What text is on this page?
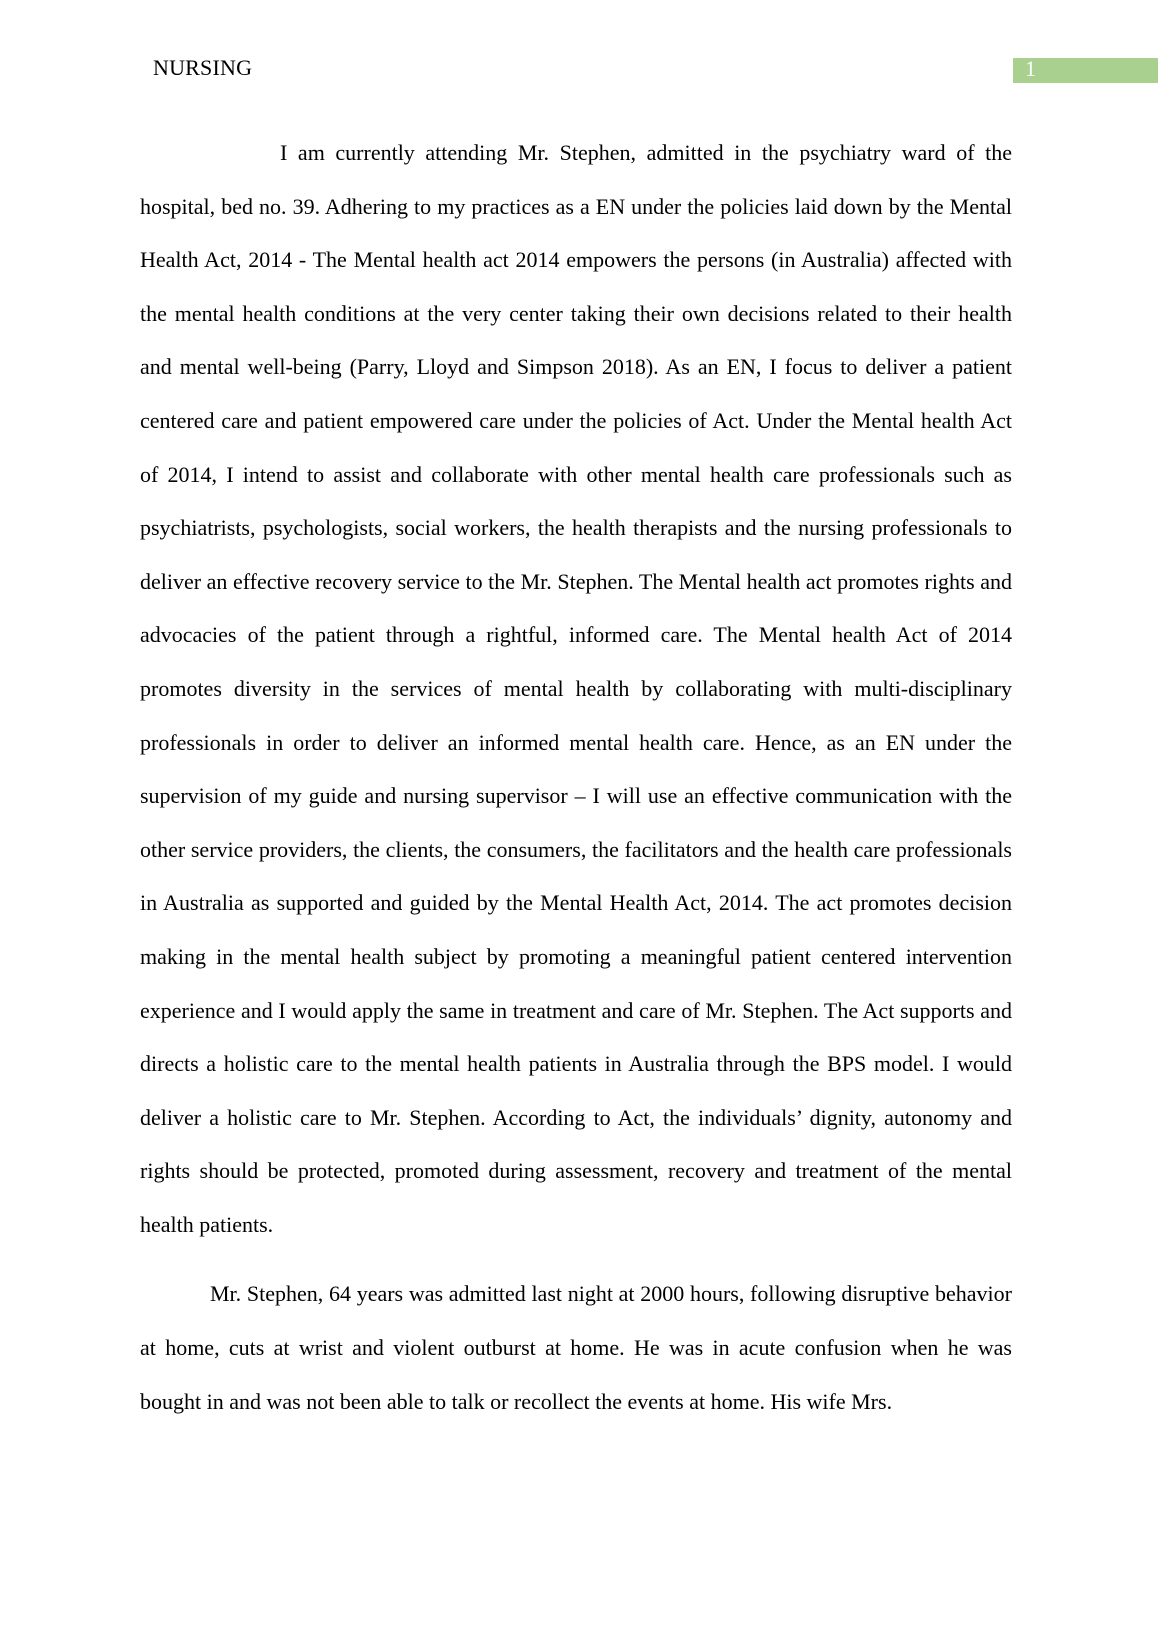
NURSING	1

I am currently attending Mr. Stephen, admitted in the psychiatry ward of the hospital, bed no. 39. Adhering to my practices as a EN under the policies laid down by the Mental Health Act, 2014 - The Mental health act 2014 empowers the persons (in Australia) affected with the mental health conditions at the very center taking their own decisions related to their health and mental well-being (Parry, Lloyd and Simpson 2018). As an EN, I focus to deliver a patient centered care and patient empowered care under the policies of Act. Under the Mental health Act of 2014, I intend to assist and collaborate with other mental health care professionals such as psychiatrists, psychologists, social workers, the health therapists and the nursing professionals to deliver an effective recovery service to the Mr. Stephen. The Mental health act promotes rights and advocacies of the patient through a rightful, informed care. The Mental health Act of 2014 promotes diversity in the services of mental health by collaborating with multi-disciplinary professionals in order to deliver an informed mental health care. Hence, as an EN under the supervision of my guide and nursing supervisor – I will use an effective communication with the other service providers, the clients, the consumers, the facilitators and the health care professionals in Australia as supported and guided by the Mental Health Act, 2014. The act promotes decision making in the mental health subject by promoting a meaningful patient centered intervention experience and I would apply the same in treatment and care of Mr. Stephen. The Act supports and directs a holistic care to the mental health patients in Australia through the BPS model. I would deliver a holistic care to Mr. Stephen. According to Act, the individuals’ dignity, autonomy and rights should be protected, promoted during assessment, recovery and treatment of the mental health patients.

Mr. Stephen, 64 years was admitted last night at 2000 hours, following disruptive behavior at home, cuts at wrist and violent outburst at home. He was in acute confusion when he was bought in and was not been able to talk or recollect the events at home. His wife Mrs.
